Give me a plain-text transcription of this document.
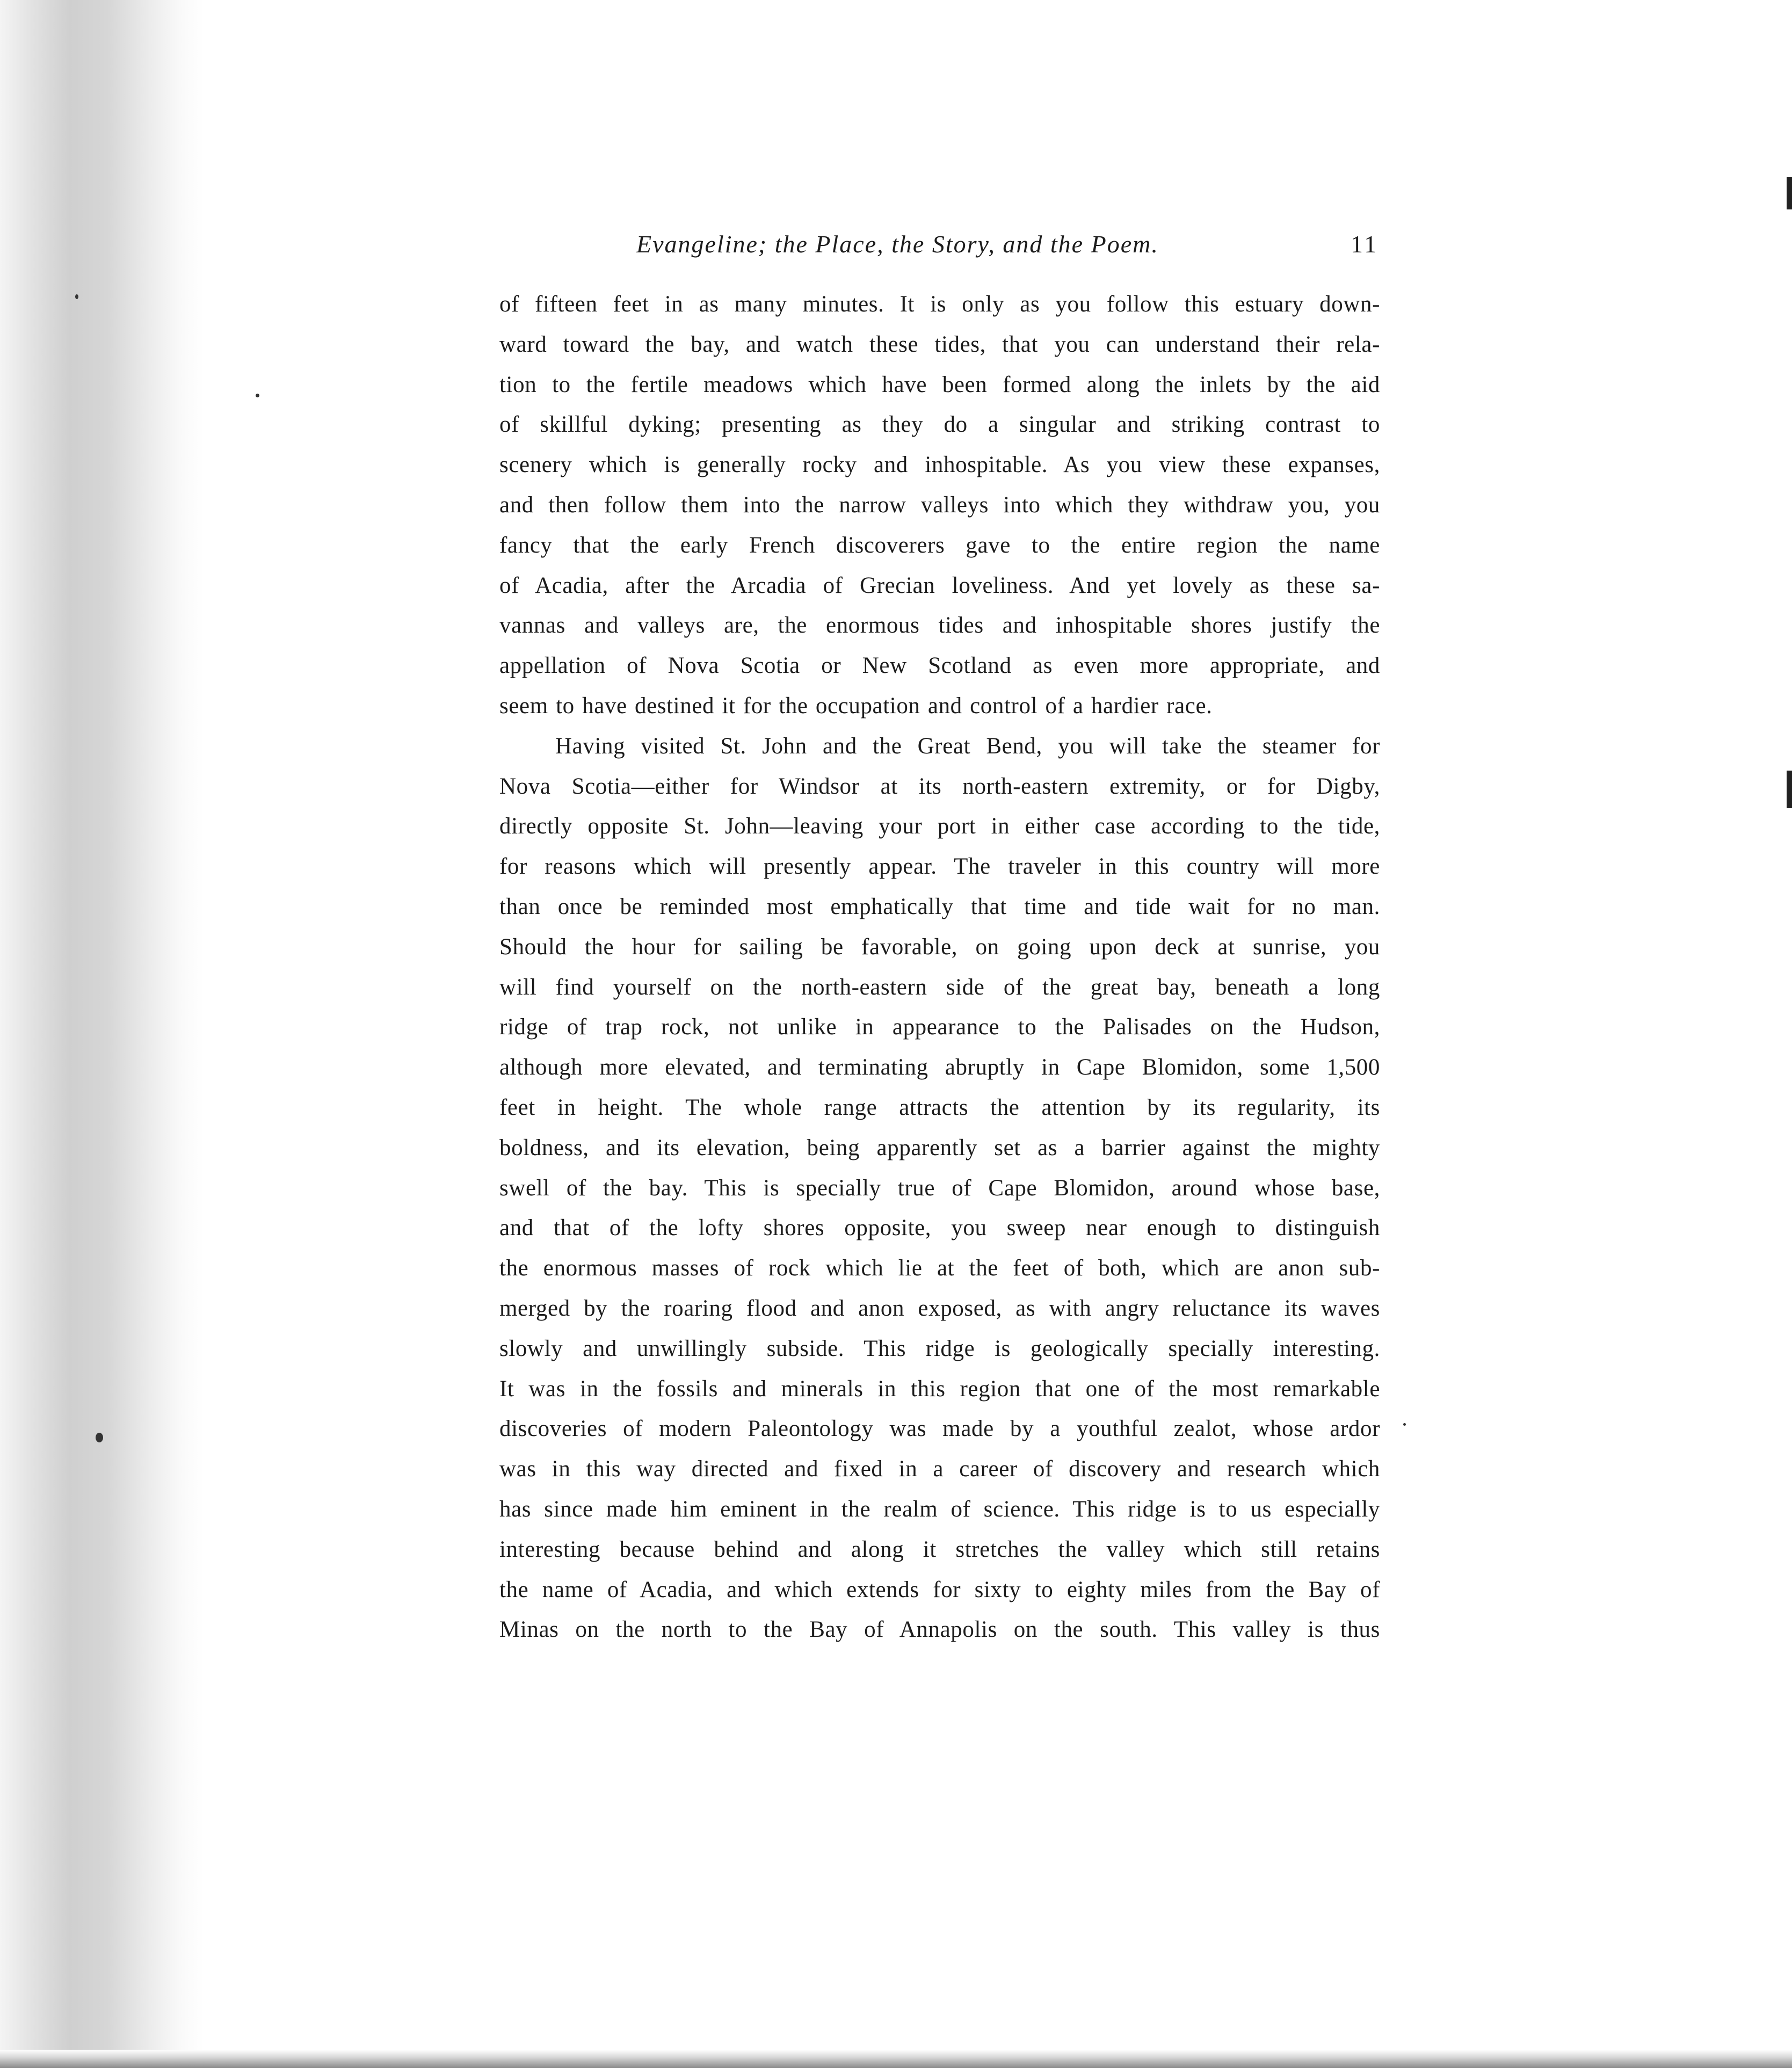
Evangeline; the Place, the Story, and the Poem.	11
of fifteen feet in as many minutes. It is only as you follow this estuary down-
ward toward the bay, and watch these tides, that you can understand their rela-
tion to the fertile meadows which have been formed along the inlets by the aid
of skillful dyking; presenting as they do a singular and striking contrast to
scenery which is generally rocky and inhospitable. As you view these expanses,
and then follow them into the narrow valleys into which they withdraw you, you
fancy that the early French discoverers gave to the entire region the name
of Acadia, after the Arcadia of Grecian loveliness. And yet lovely as these sa-
vannas and valleys are, the enormous tides and inhospitable shores justify the
appellation of Nova Scotia or New Scotland as even more appropriate, and
seem to have destined it for the occupation and control of a hardier race.
Having visited St. John and the Great Bend, you will take the steamer for
Nova Scotia—either for Windsor at its north-eastern extremity, or for Digby,
directly opposite St. John—leaving your port in either case according to the tide,
for reasons which will presently appear. The traveler in this country will more
than once be reminded most emphatically that time and tide wait for no man.
Should the hour for sailing be favorable, on going upon deck at sunrise, you
will find yourself on the north-eastern side of the great bay, beneath a long
ridge of trap rock, not unlike in appearance to the Palisades on the Hudson,
although more elevated, and terminating abruptly in Cape Blomidon, some 1,500
feet in height. The whole range attracts the attention by its regularity, its
boldness, and its elevation, being apparently set as a barrier against the mighty
swell of the bay. This is specially true of Cape Blomidon, around whose base,
and that of the lofty shores opposite, you sweep near enough to distinguish
the enormous masses of rock which lie at the feet of both, which are anon sub-
merged by the roaring flood and anon exposed, as with angry reluctance its waves
slowly and unwillingly subside. This ridge is geologically specially interesting.
It was in the fossils and minerals in this region that one of the most remarkable
discoveries of modern Paleontology was made by a youthful zealot, whose ardor
was in this way directed and fixed in a career of discovery and research which
has since made him eminent in the realm of science. This ridge is to us especially
interesting because behind and along it stretches the valley which still retains
the name of Acadia, and which extends for sixty to eighty miles from the Bay of
Minas on the north to the Bay of Annapolis on the south. This valley is thus
